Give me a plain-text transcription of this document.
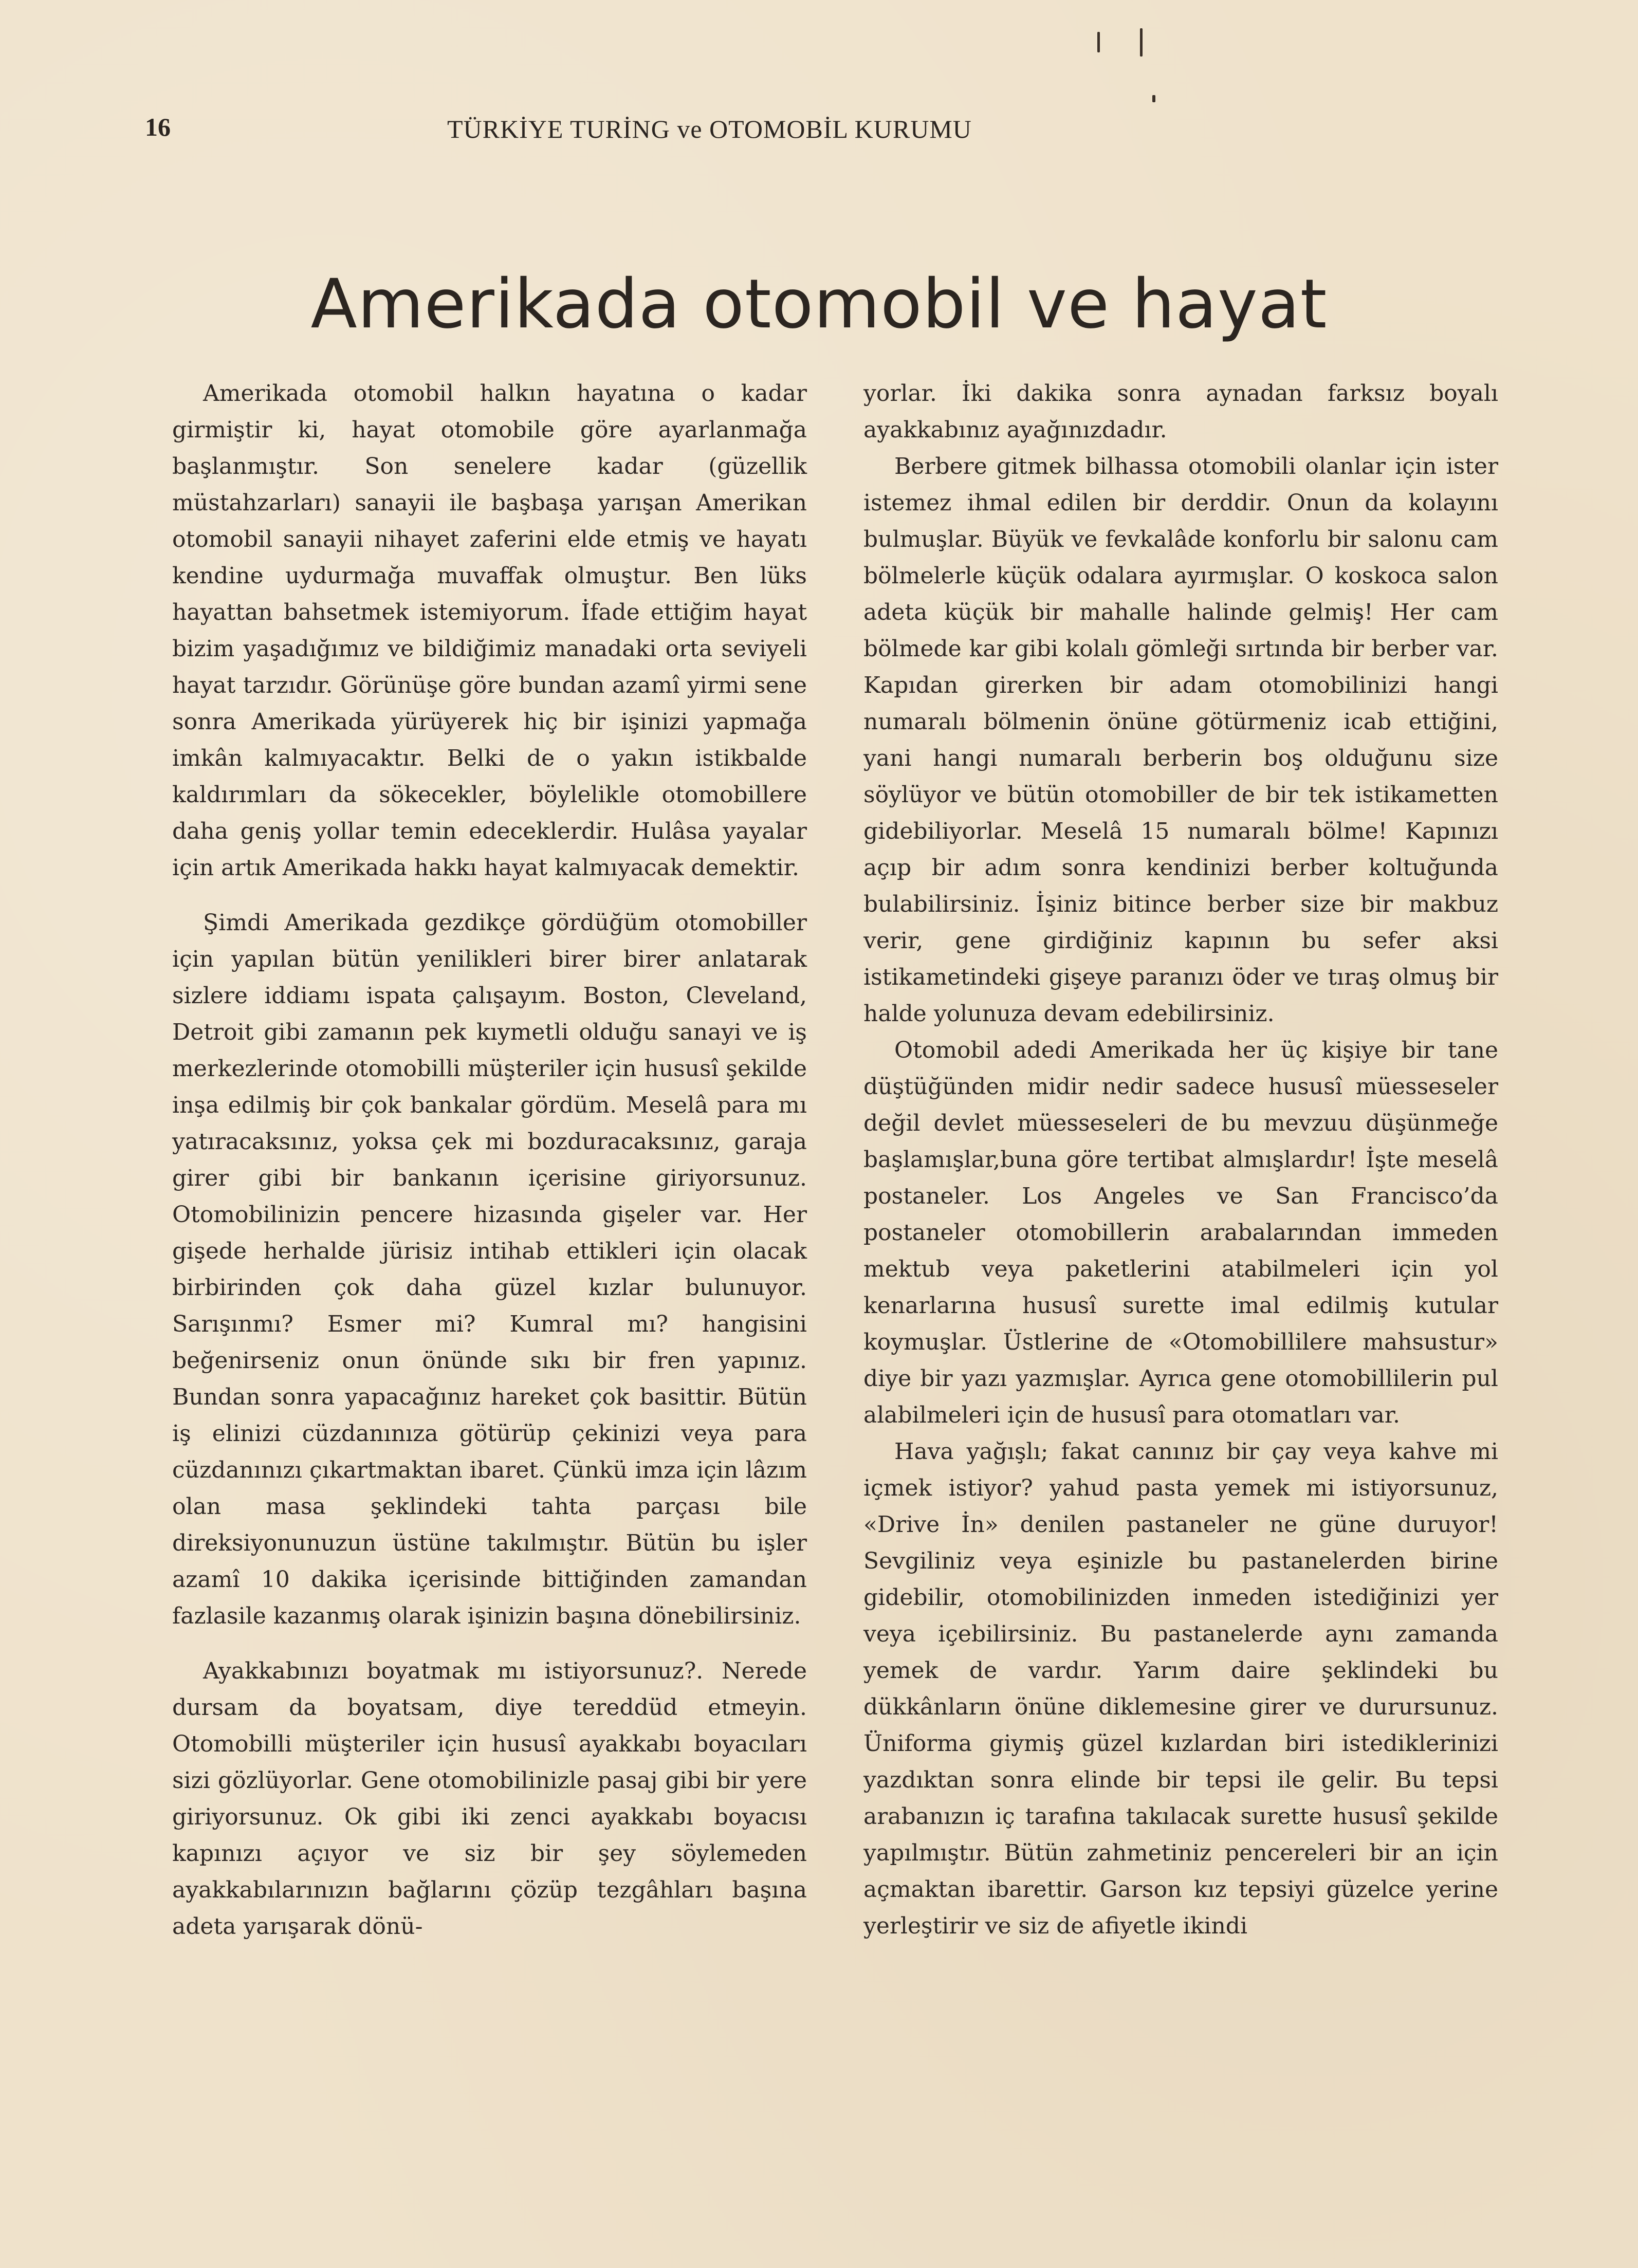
16	TÜRKİYE TURİNG ve OTOMOBİL KURUMU
Amerikada otomobil ve hayat

Amerikada otomobil halkın hayatına o kadar girmiştir ki, hayat otomobile göre ayarlanmağa başlanmıştır. Son senelere kadar (güzellik müstahzarları) sanayii ile başbaşa yarışan Amerikan otomobil sanayii nihayet zaferini elde etmiş ve hayatı kendine uydurmağa muvaffak olmuştur. Ben lüks hayattan bahsetmek istemiyorum. İfade ettiğim hayat bizim yaşadığımız ve bildiğimiz manadaki orta seviyeli hayat tarzıdır. Görünüşe göre bundan azamî yirmi sene sonra Amerikada yürüyerek hiç bir işinizi yapmağa imkân kalmıyacaktır. Belki de o yakın istikbalde kaldırımları da sökecekler, böylelikle otomobillere daha geniş yollar temin edeceklerdir. Hulâsa yayalar için artık Amerikada hakkı hayat kalmıyacak demektir.

Şimdi Amerikada gezdikçe gördüğüm otomobiller için yapılan bütün yenilikleri birer birer anlatarak sizlere iddiamı ispata çalışayım. Boston, Cleveland, Detroit gibi zamanın pek kıymetli olduğu sanayi ve iş merkezlerinde otomobilli müşteriler için hususî şekilde inşa edilmiş bir çok bankalar gördüm. Meselâ para mı yatıracaksınız, yoksa çek mi bozduracaksınız, garaja girer gibi bir bankanın içerisine giriyorsunuz. Otomobilinizin pencere hizasında gişeler var. Her gişede herhalde jürisiz intihab ettikleri için olacak birbirinden çok daha güzel kızlar bulunuyor. Sarışınmı? Esmer mi? Kumral mı? hangisini beğenirseniz onun önünde sıkı bir fren yapınız. Bundan sonra yapacağınız hareket çok basittir. Bütün iş elinizi cüzdanınıza götürüp çekinizi veya para cüzdanınızı çıkartmaktan ibaret. Çünkü imza için lâzım olan masa şeklindeki tahta parçası bile direksiyonunuzun üstüne takılmıştır. Bütün bu işler azamî 10 dakika içerisinde bittiğinden zamandan fazlasile kazanmış olarak işinizin başına dönebilirsiniz.

Ayakkabınızı boyatmak mı istiyorsunuz?. Nerede dursam da boyatsam, diye tereddüd etmeyin. Otomobilli müşteriler için hususî ayakkabı boyacıları sizi gözlüyorlar. Gene otomobilinizle pasaj gibi bir yere giriyorsunuz. Ok gibi iki zenci ayakkabı boyacısı kapınızı açıyor ve siz bir şey söylemeden ayakkabılarınızın bağlarını çözüp tezgâhları başına adeta yarışarak dönü-

yorlar. İki dakika sonra aynadan farksız boyalı ayakkabınız ayağınızdadır.

Berbere gitmek bilhassa otomobili olanlar için ister istemez ihmal edilen bir derddir. Onun da kolayını bulmuşlar. Büyük ve fevkalâde konforlu bir salonu cam bölmelerle küçük odalara ayırmışlar. O koskoca salon adeta küçük bir mahalle halinde gelmiş! Her cam bölmede kar gibi kolalı gömleği sırtında bir berber var. Kapıdan girerken bir adam otomobilinizi hangi numaralı bölmenin önüne götürmeniz icab ettiğini, yani hangi numaralı berberin boş olduğunu size söylüyor ve bütün otomobiller de bir tek istikametten gidebiliyorlar. Meselâ 15 numaralı bölme! Kapınızı açıp bir adım sonra kendinizi berber koltuğunda bulabilirsiniz. İşiniz bitince berber size bir makbuz verir, gene girdiğiniz kapının bu sefer aksi istikametindeki gişeye paranızı öder ve tıraş olmuş bir halde yolunuza devam edebilirsiniz.

Otomobil adedi Amerikada her üç kişiye bir tane düştüğünden midir nedir sadece hususî müesseseler değil devlet müesseseleri de bu mevzuu düşünmeğe başlamışlar,buna göre tertibat almışlardır! İşte meselâ postaneler. Los Angeles ve San Francisco’da postaneler otomobillerin arabalarından immeden mektub veya paketlerini atabilmeleri için yol kenarlarına hususî surette imal edilmiş kutular koymuşlar. Üstlerine de «Otomobillilere mahsustur» diye bir yazı yazmışlar. Ayrıca gene otomobillilerin pul alabilmeleri için de hususî para otomatları var.

Hava yağışlı; fakat canınız bir çay veya kahve mi içmek istiyor? yahud pasta yemek mi istiyorsunuz, «Drive İn» denilen pastaneler ne güne duruyor! Sevgiliniz veya eşinizle bu pastanelerden birine gidebilir, otomobilinizden inmeden istediğinizi yer veya içebilirsiniz. Bu pastanelerde aynı zamanda yemek de vardır. Yarım daire şeklindeki bu dükkânların önüne diklemesine girer ve durursunuz. Üniforma giymiş güzel kızlardan biri istediklerinizi yazdıktan sonra elinde bir tepsi ile gelir. Bu tepsi arabanızın iç tarafına takılacak surette hususî şekilde yapılmıştır. Bütün zahmetiniz pencereleri bir an için açmaktan ibarettir. Garson kız tepsiyi güzelce yerine yerleştirir ve siz de afiyetle ikindi
